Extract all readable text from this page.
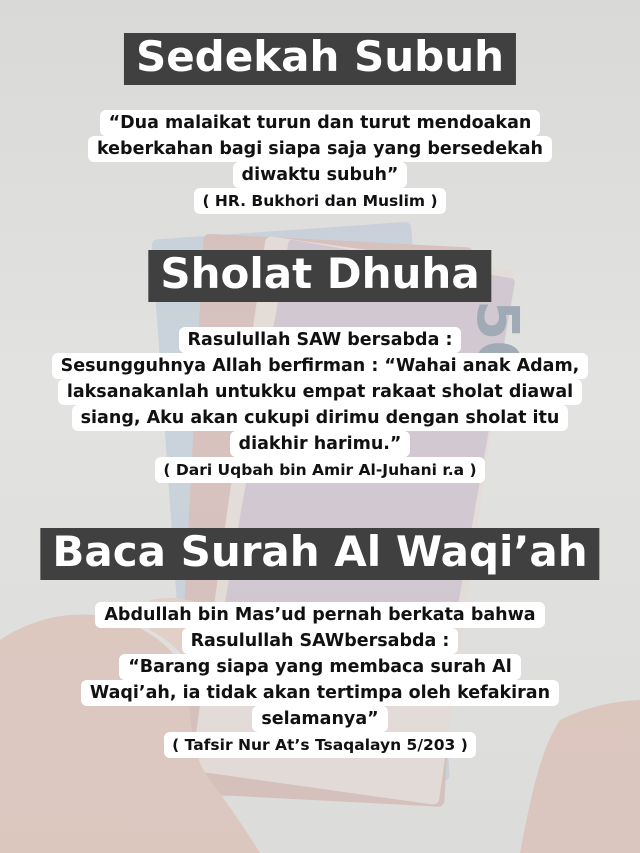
Sedekah Subuh
“Dua malaikat turun dan turut mendoakan
keberkahan bagi siapa saja yang bersedekah
diwaktu subuh”
( HR. Bukhori dan Muslim )
Sholat Dhuha
Rasulullah SAW bersabda :
Sesungguhnya Allah berfirman : “Wahai anak Adam,
laksanakanlah untukku empat rakaat sholat diawal
siang, Aku akan cukupi dirimu dengan sholat itu
diakhir harimu.”
( Dari Uqbah bin Amir Al-Juhani r.a )
Baca Surah Al Waqi’ah
Abdullah bin Mas’ud pernah berkata bahwa
Rasulullah SAWbersabda :
“Barang siapa yang membaca surah Al
Waqi’ah, ia tidak akan tertimpa oleh kefakiran
selamanya”
( Tafsir Nur At’s Tsaqalayn 5/203 )
